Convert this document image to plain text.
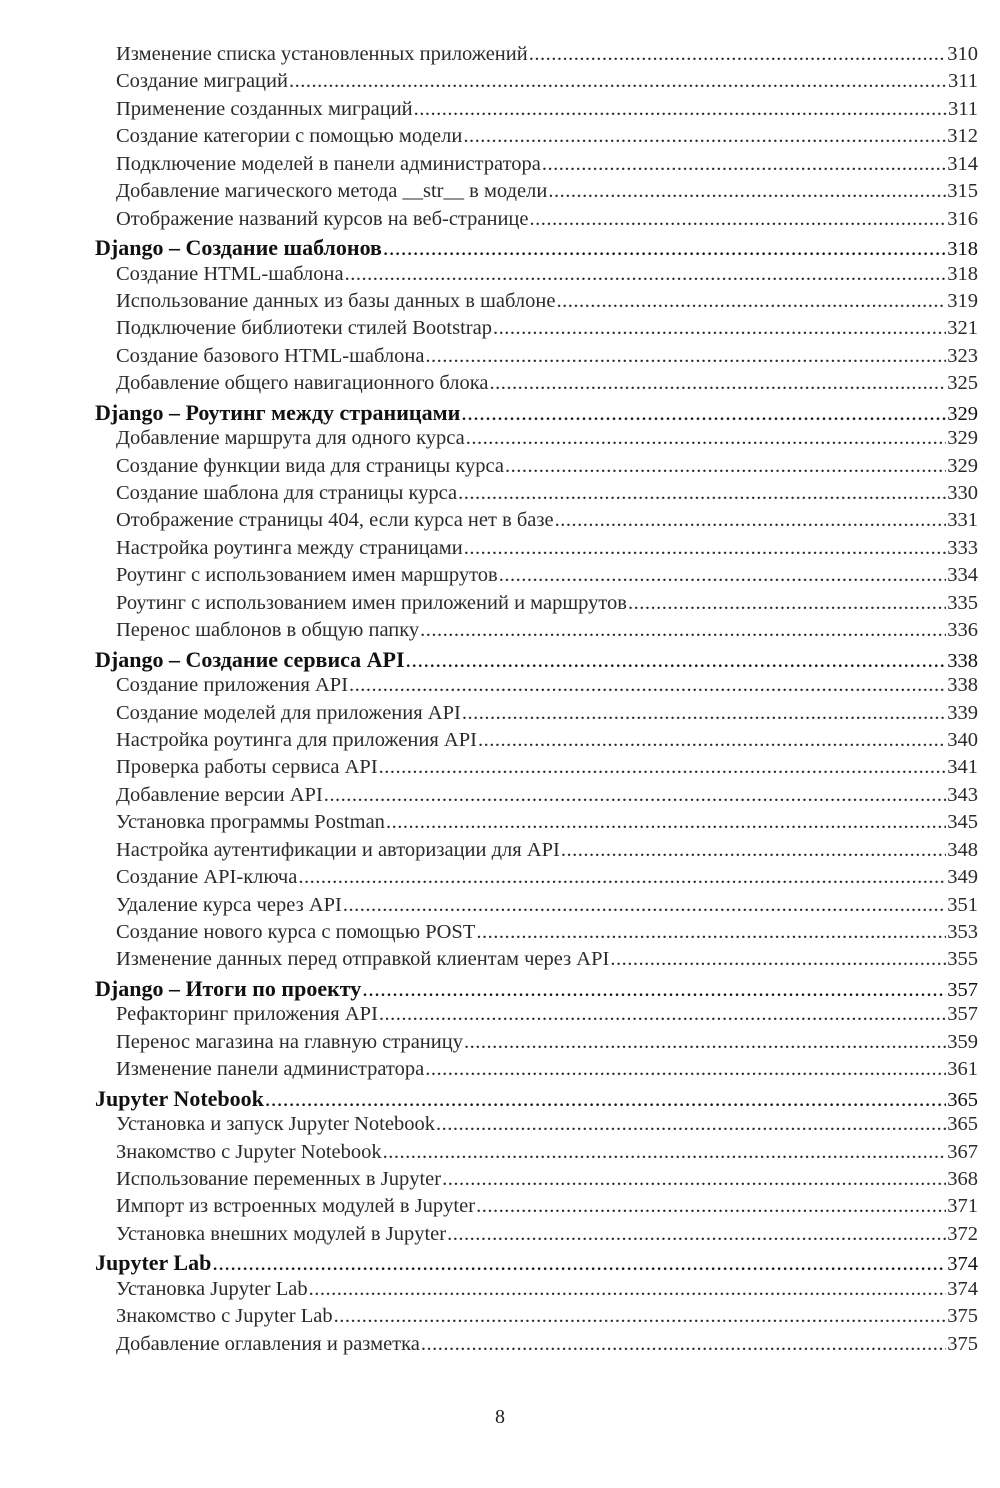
Изменение списка установленных приложений .....	310
Создание миграций .....	311
Применение созданных миграций .....	311
Создание категории с помощью модели .....	312
Подключение моделей в панели администратора .....	314
Добавление магического метода __str__ в модели .....	315
Отображение названий курсов на веб-странице .....	316
Django – Создание шаблонов .....	318
Создание HTML-шаблона .....	318
Использование данных из базы данных в шаблоне .....	319
Подключение библиотеки стилей Bootstrap .....	321
Создание базового HTML-шаблона .....	323
Добавление общего навигационного блока .....	325
Django – Роутинг между страницами .....	329
Добавление маршрута для одного курса .....	329
Создание функции вида для страницы курса .....	329
Создание шаблона для страницы курса .....	330
Отображение страницы 404, если курса нет в базе .....	331
Настройка роутинга между страницами .....	333
Роутинг с использованием имен маршрутов .....	334
Роутинг с использованием имен приложений и маршрутов .....	335
Перенос шаблонов в общую папку .....	336
Django – Создание сервиса API .....	338
Создание приложения API .....	338
Создание моделей для приложения API .....	339
Настройка роутинга для приложения API .....	340
Проверка работы сервиса API .....	341
Добавление версии API .....	343
Установка программы Postman .....	345
Настройка аутентификации и авторизации для API .....	348
Создание API-ключа .....	349
Удаление курса через API .....	351
Создание нового курса с помощью POST .....	353
Изменение данных перед отправкой клиентам через API .....	355
Django – Итоги по проекту .....	357
Рефакторинг приложения API .....	357
Перенос магазина на главную страницу .....	359
Изменение панели администратора .....	361
Jupyter Notebook .....	365
Установка и запуск Jupyter Notebook .....	365
Знакомство с Jupyter Notebook .....	367
Использование переменных в Jupyter .....	368
Импорт из встроенных модулей в Jupyter .....	371
Установка внешних модулей в Jupyter .....	372
Jupyter Lab .....	374
Установка Jupyter Lab .....	374
Знакомство с Jupyter Lab .....	375
Добавление оглавления и разметка .....	375
8
